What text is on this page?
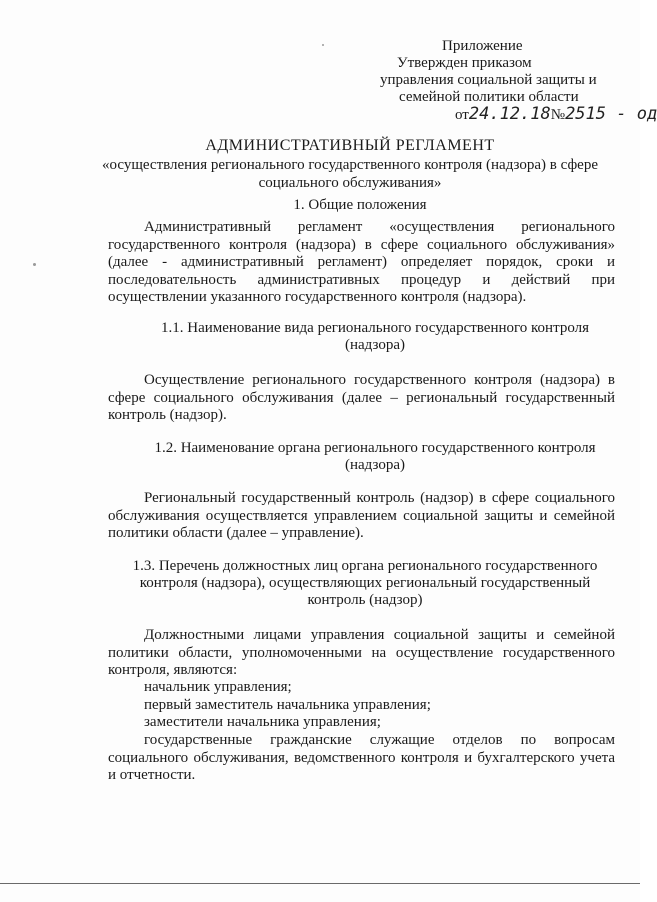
Приложение
Утвержден приказом
управления социальной защиты и
семейной политики области
от24.12.18№2515 - од
АДМИНИСТРАТИВНЫЙ РЕГЛАМЕНТ
«осуществления регионального государственного контроля (надзора) в сфере
социального обслуживания»
1. Общие положения
Административный регламент «осуществления регионального государственного контроля (надзора) в сфере социального обслуживания» (далее - административный регламент) определяет порядок, сроки и последовательность административных процедур и действий при осуществлении указанного государственного контроля (надзора).
1.1. Наименование вида регионального государственного контроля (надзора)
Осуществление регионального государственного контроля (надзора) в сфере социального обслуживания (далее – региональный государственный контроль (надзор).
1.2. Наименование органа регионального государственного контроля (надзора)
Региональный государственный контроль (надзор) в сфере социального обслуживания осуществляется управлением социальной защиты и семейной политики области (далее – управление).
1.3. Перечень должностных лиц органа регионального государственного
контроля (надзора), осуществляющих региональный государственный
контроль (надзор)
Должностными лицами управления социальной защиты и семейной политики области, уполномоченными на осуществление государственного контроля, являются:
начальник управления;
первый заместитель начальника управления;
заместители начальника управления;
государственные гражданские служащие отделов по вопросам социального обслуживания, ведомственного контроля и бухгалтерского учета и отчетности.
